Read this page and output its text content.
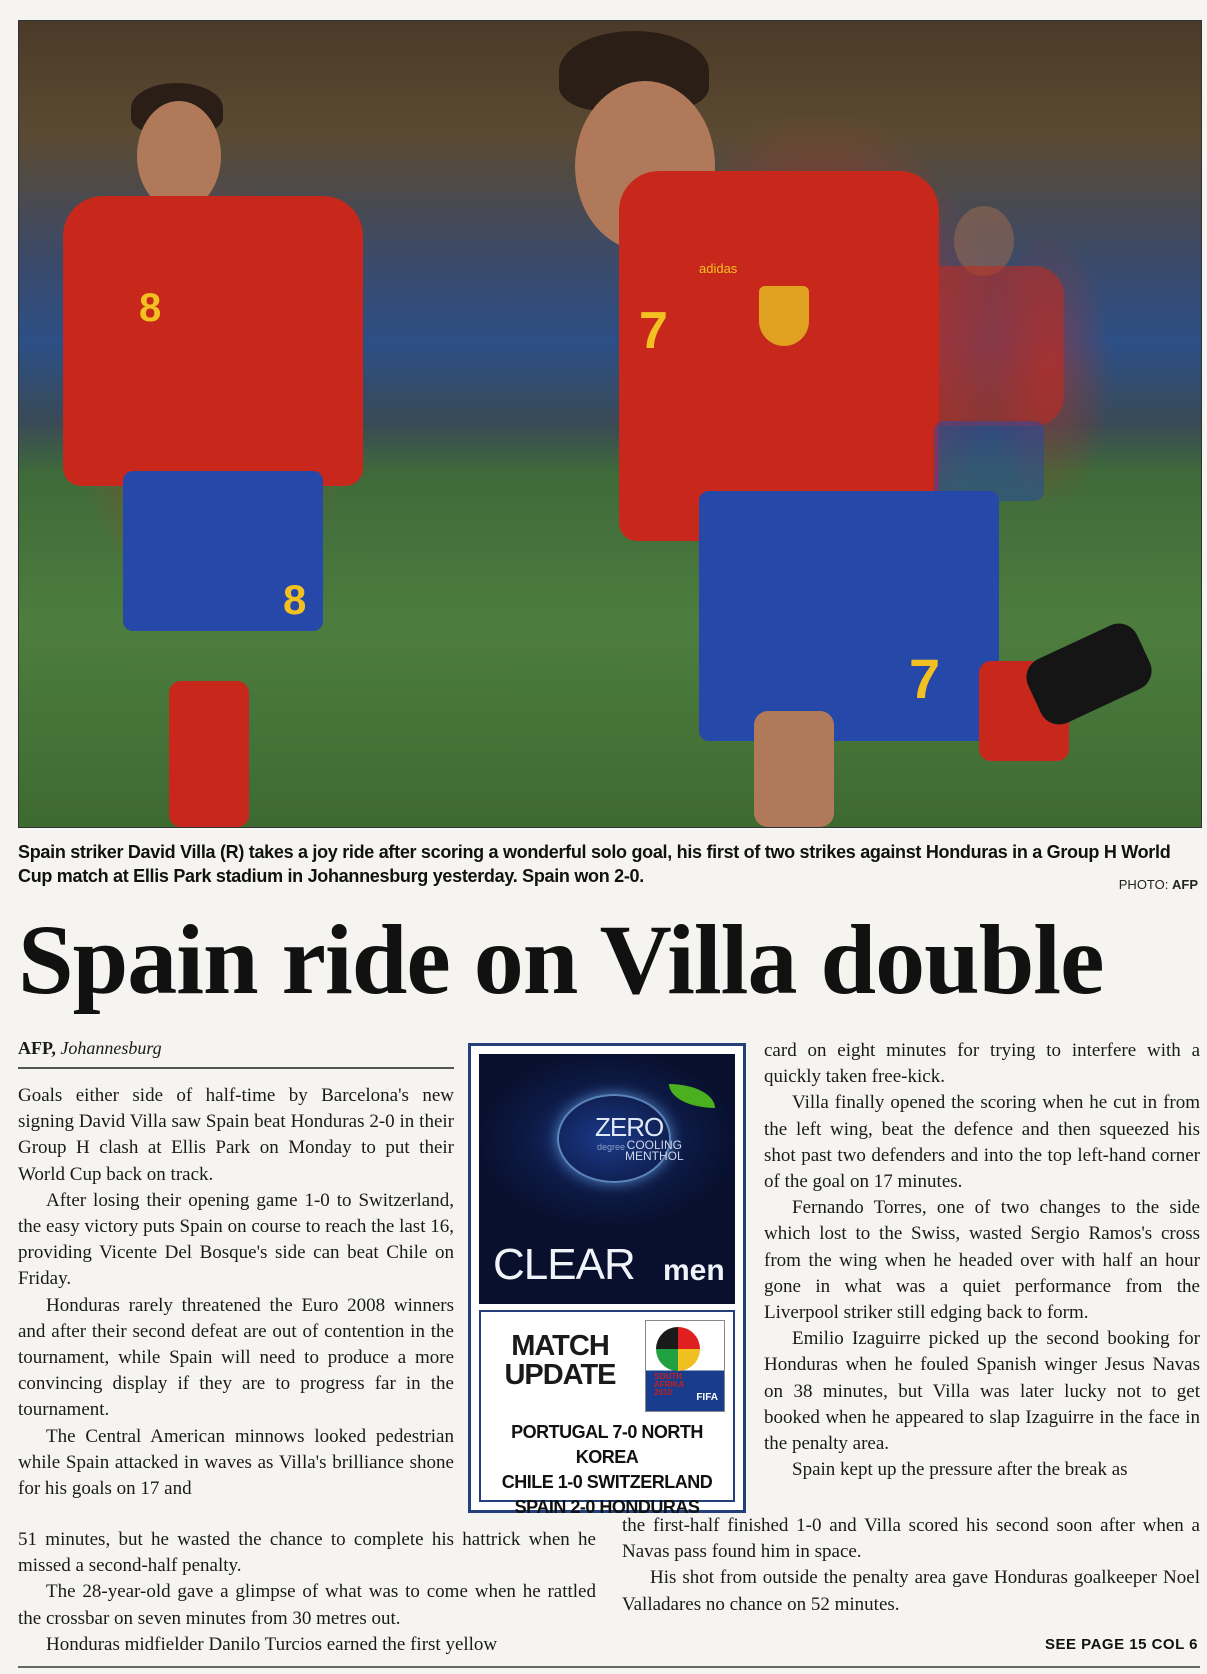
8
8
adidas
7
7
Spain striker David Villa (R) takes a joy ride after scoring a wonderful solo goal, his first of two strikes against Honduras in a Group H World Cup match at Ellis Park stadium in Johannesburg yesterday. Spain won 2-0.	PHOTO: AFP
Spain ride on Villa double
AFP, Johannesburg

Goals either side of half-time by Barcelona's new signing David Villa saw Spain beat Honduras 2-0 in their Group H clash at Ellis Park on Monday to put their World Cup back on track.

After losing their opening game 1-0 to Switzerland, the easy victory puts Spain on course to reach the last 16, providing Vicente Del Bosque's side can beat Chile on Friday.

Honduras rarely threatened the Euro 2008 winners and after their second defeat are out of contention in the tournament, while Spain will need to produce a more convincing display if they are to progress far in the tournament.

The Central American minnows looked pedestrian while Spain attacked in waves as Villa's brilliance shone for his goals on 17 and

51 minutes, but he wasted the chance to complete his hattrick when he missed a second-half penalty.

The 28-year-old gave a glimpse of what was to come when he rattled the crossbar on seven minutes from 30 metres out.

Honduras midfielder Danilo Turcios earned the first yellow

ZERO
degree COOLING
MENTHOL
CLEAR men
MATCH UPDATE	SOUTH
AFRIKA
2010	FIFA
PORTUGAL 7-0 NORTH KOREA
CHILE 1-0 SWITZERLAND
SPAIN 2-0 HONDURAS

card on eight minutes for trying to interfere with a quickly taken free-kick.

Villa finally opened the scoring when he cut in from the left wing, beat the defence and then squeezed his shot past two defenders and into the top left-hand corner of the goal on 17 minutes.

Fernando Torres, one of two changes to the side which lost to the Swiss, wasted Sergio Ramos's cross from the wing when he headed over with half an hour gone in what was a quiet performance from the Liverpool striker still edging back to form.

Emilio Izaguirre picked up the second booking for Honduras when he fouled Spanish winger Jesus Navas on 38 minutes, but Villa was later lucky not to get booked when he appeared to slap Izaguirre in the face in the penalty area.

Spain kept up the pressure after the break as

the first-half finished 1-0 and Villa scored his second soon after when a Navas pass found him in space.

His shot from outside the penalty area gave Honduras goalkeeper Noel Valladares no chance on 52 minutes.

SEE PAGE 15 COL 6
